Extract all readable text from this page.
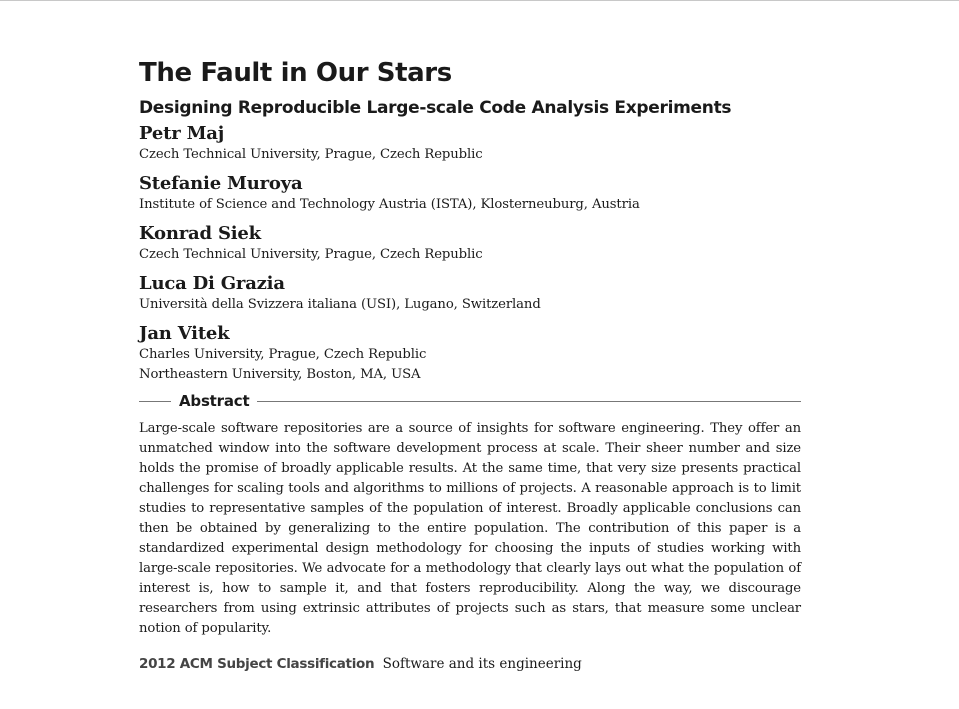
The Fault in Our Stars
Designing Reproducible Large-scale Code Analysis Experiments

Petr Maj

Czech Technical University, Prague, Czech Republic

Stefanie Muroya

Institute of Science and Technology Austria (ISTA), Klosterneuburg, Austria

Konrad Siek

Czech Technical University, Prague, Czech Republic

Luca Di Grazia

Università della Svizzera italiana (USI), Lugano, Switzerland

Jan Vitek

Charles University, Prague, Czech Republic

Northeastern University, Boston, MA, USA

Abstract

Large-scale software repositories are a source of insights for software engineering. They offer an unmatched window into the software development process at scale. Their sheer number and size holds the promise of broadly applicable results. At the same time, that very size presents practical challenges for scaling tools and algorithms to millions of projects. A reasonable approach is to limit studies to representative samples of the population of interest. Broadly applicable conclusions can then be obtained by generalizing to the entire population. The contribution of this paper is a standardized experimental design methodology for choosing the inputs of studies working with large-scale repositories. We advocate for a methodology that clearly lays out what the population of interest is, how to sample it, and that fosters reproducibility. Along the way, we discourage researchers from using extrinsic attributes of projects such as stars, that measure some unclear notion of popularity.

2012 ACM Subject Classification Software and its engineering
